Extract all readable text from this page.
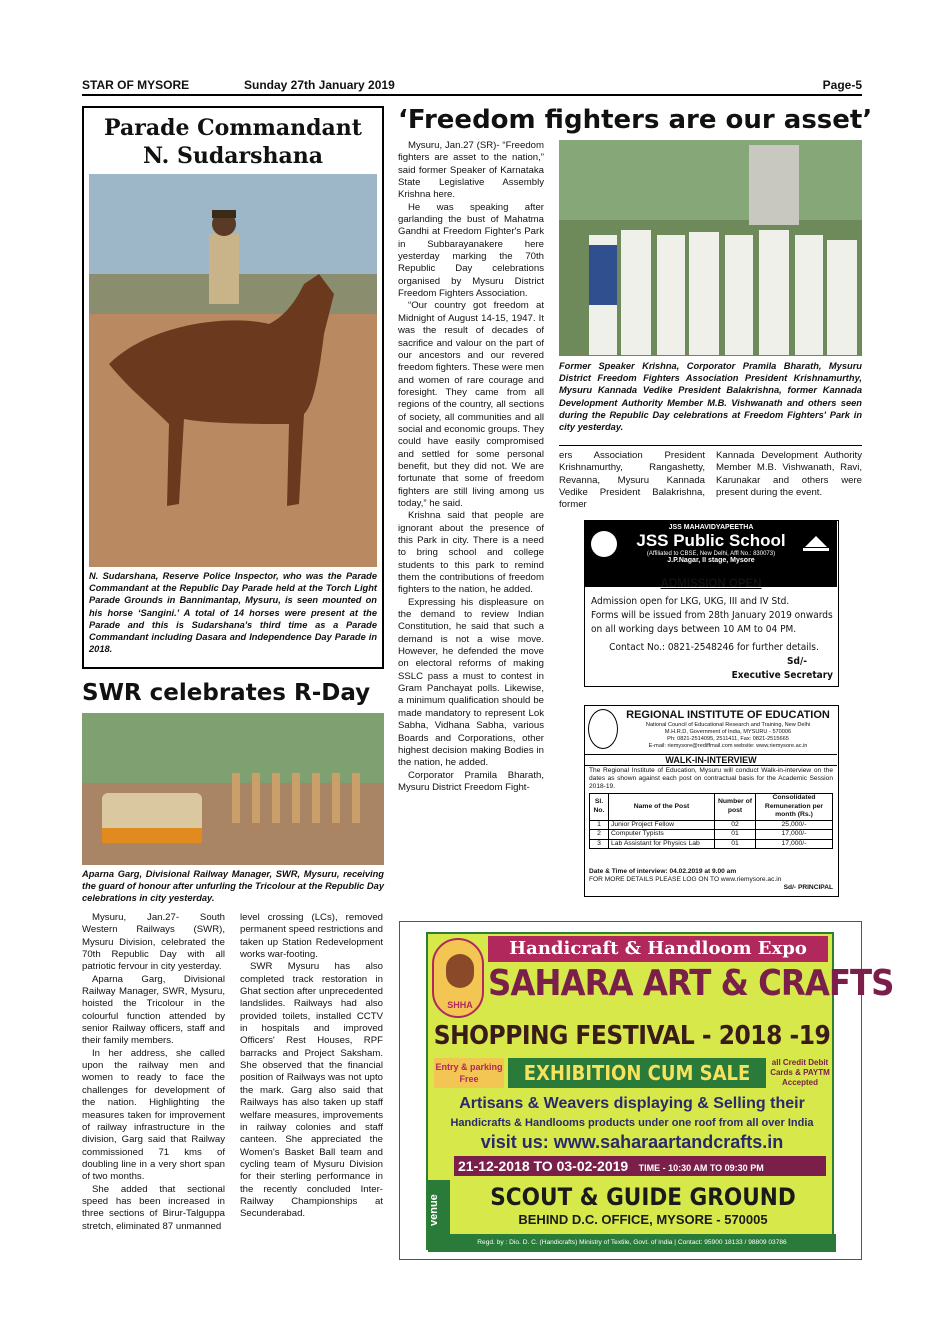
STAR OF MYSORE	Sunday 27th January 2019	Page-5
Parade Commandant
N. Sudarshana
N. Sudarshana, Reserve Police Inspector, who was the Parade Commandant at the Republic Day Parade held at the Torch Light Parade Grounds in Bannimantap, Mysuru, is seen mounted on his horse ‘Sangini.’ A total of 14 horses were present at the Parade and this is Sudarshana's third time as a Parade Commandant including Dasara and Independence Day Parade in 2018.
SWR celebrates R-Day
Aparna Garg, Divisional Railway Manager, SWR, Mysuru, receiving the guard of honour after unfurling the Tricolour at the Republic Day celebrations in city yesterday.

Mysuru, Jan.27- South Western Railways (SWR), Mysuru Division, celebrated the 70th Republic Day with all patriotic fervour in city yesterday.

Aparna Garg, Divisional Railway Manager, SWR, Mysuru, hoisted the Tricolour in the colourful function attended by senior Railway officers, staff and their family members.

In her address, she called upon the railway men and women to ready to face the challenges for development of the nation. Highlighting the measures taken for improvement of railway infrastructure in the division, Garg said that Railway commissioned 71 kms of doubling line in a very short span of two months.

She added that sectional speed has been increased in three sections of Birur-Talguppa stretch, eliminated 87 unmanned

level crossing (LCs), removed permanent speed restrictions and taken up Station Redevelopment works war-footing.

SWR Mysuru has also completed track restoration in Ghat section after unprecedented landslides. Railways had also provided toilets, installed CCTV in hospitals and improved Officers' Rest Houses, RPF barracks and Project Saksham. She observed that the financial position of Railways was not upto the mark. Garg also said that Railways has also taken up staff welfare measures, improvements in railway colonies and staff canteen. She appreciated the Women's Basket Ball team and cycling team of Mysuru Division for their sterling performance in the recently concluded Inter-Railway Championships at Secunderabad.

‘Freedom fighters are our asset’

Mysuru, Jan.27 (SR)- “Freedom fighters are asset to the nation,” said former Speaker of Karnataka State Legislative Assembly Krishna here.

He was speaking after garlanding the bust of Mahatma Gandhi at Freedom Fighter's Park in Subbarayanakere here yesterday marking the 70th Republic Day celebrations organised by Mysuru District Freedom Fighters Association.

“Our country got freedom at Midnight of August 14-15, 1947. It was the result of decades of sacrifice and valour on the part of our ancestors and our revered freedom fighters. These were men and women of rare courage and foresight. They came from all regions of the country, all sections of society, all communities and all social and economic groups. They could have easily compromised and settled for some personal benefit, but they did not. We are fortunate that some of freedom fighters are still living among us today,” he said.

Krishna said that people are ignorant about the presence of this Park in city. There is a need to bring school and college students to this park to remind them the contributions of freedom fighters to the nation, he added.

Expressing his displeasure on the demand to review Indian Constitution, he said that such a demand is not a wise move. However, he defended the move on electoral reforms of making SSLC pass a must to contest in Gram Panchayat polls. Likewise, a minimum qualification should be made mandatory to represent Lok Sabha, Vidhana Sabha, various Boards and Corporations, other highest decision making Bodies in the nation, he added.

Corporator Pramila Bharath, Mysuru District Freedom Fight-

Former Speaker Krishna, Corporator Pramila Bharath, Mysuru District Freedom Fighters Association President Krishnamurthy, Mysuru Kannada Vedike President Balakrishna, former Kannada Development Authority Member M.B. Vishwanath and others seen during the Republic Day celebrations at Freedom Fighters' Park in city yesterday.

ers Association President Krishnamurthy, Rangashetty, Revanna, Mysuru Kannada Vedike President Balakrishna, former

Kannada Development Authority Member M.B. Vishwanath, Ravi, Karunakar and others were present during the event.

JSS MAHAVIDYAPEETHA
JSS Public School
(Affiliated to CBSE, New Delhi, Affl No.: 830073)
J.P.Nagar, II stage, Mysore
ADMISSION OPEN
Admission open for LKG, UKG, III and IV Std.
Forms will be issued from 28th January 2019 onwards
on all working days between 10 AM to 04 PM.
Contact No.: 0821-2548246 for further details.
Sd/-
Executive Secretary
REGIONAL INSTITUTE OF EDUCATION
National Council of Educational Research and Training, New Delhi
M.H.R.D, Government of India, MYSURU - 570006
Ph: 0821-2514095, 2511411, Fax: 0821-2515665
E-mail: riemysore@rediffmail.com website: www.riemysore.ac.in
WALK-IN-INTERVIEW
The Regional Institute of Education, Mysuru will conduct Walk-in-interview on the dates as shown against each post on contractual basis for the Academic Session 2018-19.
Sl. No.	Name of the Post	Number of post	Consolidated Remuneration per month (Rs.)
1	Junior Project Fellow	02	25,000/-
2	Computer Typists	01	17,000/-
3	Lab Assistant for Physics Lab	01	17,000/-
Date & Time of interview: 04.02.2019 at 9.00 am
FOR MORE DETAILS PLEASE LOG ON TO www.riemysore.ac.in
Sd/- PRINCIPAL
Handicraft & Handloom Expo
SHHA
SAHARA ART & CRAFTS
SHOPPING FESTIVAL - 2018 -19
Entry & parking Free	EXHIBITION CUM SALE	all Credit Debit Cards & PAYTM Accepted
Artisans & Weavers displaying & Selling their
Handicrafts & Handlooms products under one roof from all over India
visit us: www.saharaartandcrafts.in
21-12-2018 TO 03-02-2019 TIME - 10:30 AM TO 09:30 PM
venue	SCOUT & GUIDE GROUND
BEHIND D.C. OFFICE, MYSORE - 570005
Regd. by : Dio. D. C. (Handicrafts) Ministry of Textile, Govt. of India | Contact: 95900 18133 / 98809 03786
